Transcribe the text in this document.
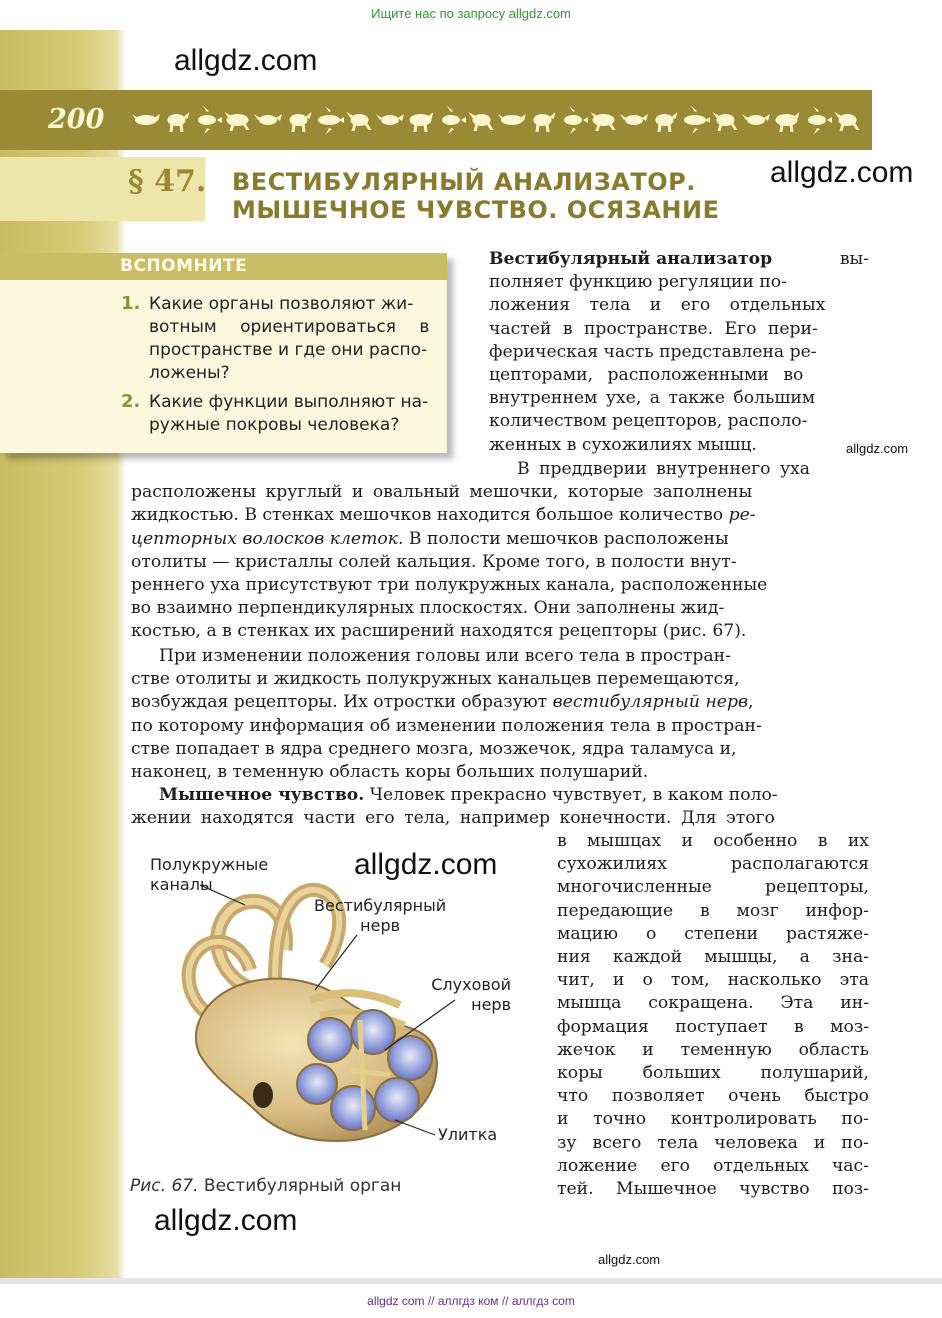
Ищите нас по запросу allgdz.com
allgdz.com
200
§ 47. ВЕСТИБУЛЯРНЫЙ АНАЛИЗАТОР.
МЫШЕЧНОЕ ЧУВСТВО. ОСЯЗАНИЕ
allgdz.com
ВСПОМНИТЕ
1. Какие органы позволяют жи-
вотным ориентироваться в
пространстве и где они распо-
ложены?
2. Какие функции выполняют на-
ружные покровы человека?
Вестибулярный анализатор	вы-
полняет функцию регуляции по-
ложения тела и его отдельных
частей в пространстве. Его пери-
ферическая часть представлена ре-
цепторами, расположенными во
внутреннем ухе, а также большим
количеством рецепторов, располо-
женных в сухожилиях мышц.	allgdz.com
В преддверии внутреннего уха
расположены круглый и овальный мешочки, которые заполнены
жидкостью. В стенках мешочков находится большое количество ре-
цепторных волосков клеток. В полости мешочков расположены
отолиты — кристаллы солей кальция. Кроме того, в полости внут-
реннего уха присутствуют три полукружных канала, расположенные
во взаимно перпендикулярных плоскостях. Они заполнены жид-
костью, а в стенках их расширений находятся рецепторы (рис. 67).
При изменении положения головы или всего тела в простран-
стве отолиты и жидкость полукружных канальцев перемещаются,
возбуждая рецепторы. Их отростки образуют вестибулярный нерв,
по которому информация об изменении положения тела в простран-
стве попадает в ядра среднего мозга, мозжечок, ядра таламуса и,
наконец, в теменную область коры больших полушарий.
Мышечное чувство. Человек прекрасно чувствует, в каком поло-
жении находятся части его тела, например конечности. Для этого
в мышцах и особенно в их
сухожилиях располагаются
многочисленные рецепторы,
передающие в мозг инфор-
мацию о степени растяже-
ния каждой мышцы, а зна-
чит, и о том, насколько эта
мышца сокращена. Эта ин-
формация поступает в моз-
жечок и теменную область
коры больших полушарий,
что позволяет очень быстро
и точно контролировать по-
зу всего тела человека и по-
ложение его отдельных час-
тей. Мышечное чувство поз-
Полукружные
каналы
Вестибулярный
нерв
Слуховой
нерв
Улитка
allgdz.com
Рис. 67. Вестибулярный орган
allgdz.com
allgdz.com
allgdz com // аллгдз ком // аллгдз com
